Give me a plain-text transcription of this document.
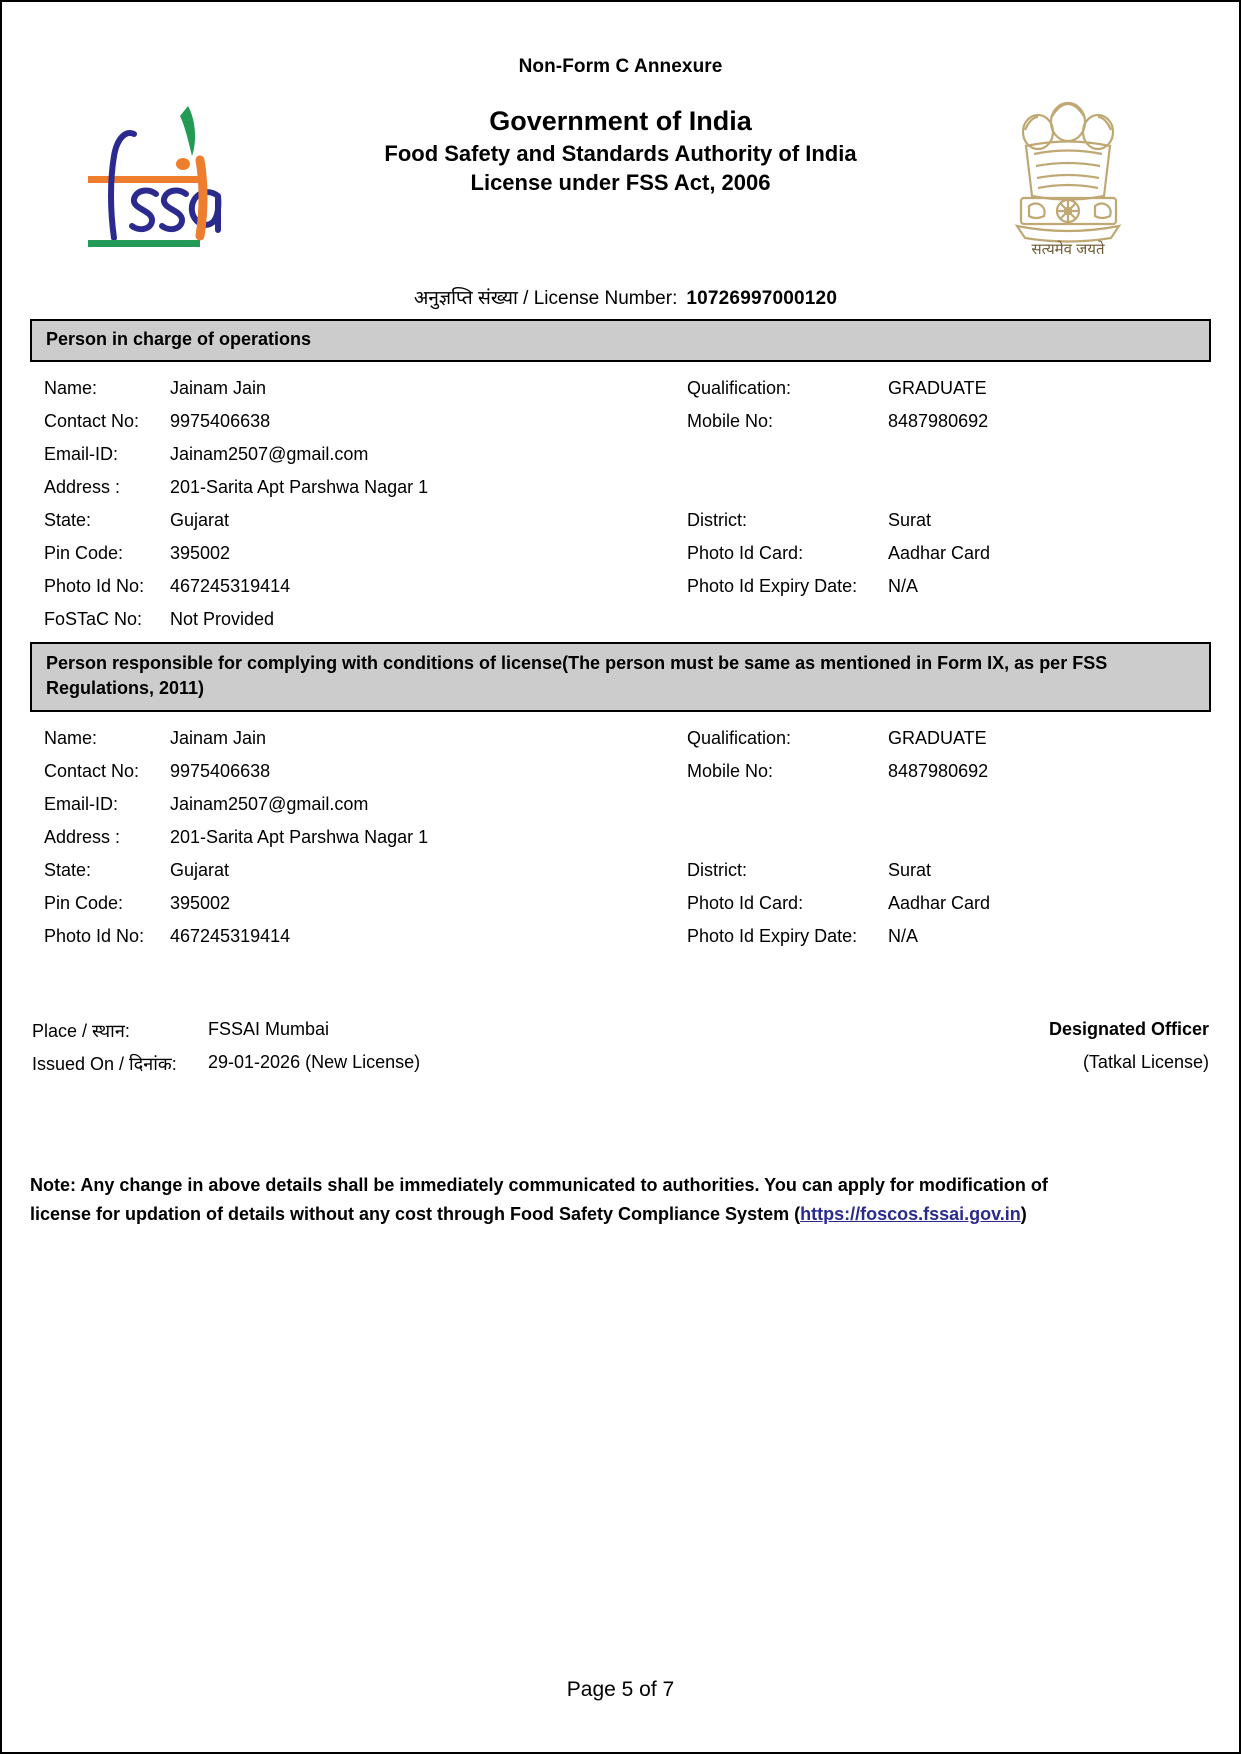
Non-Form C Annexure
Government of India
Food Safety and Standards Authority of India
License under FSS Act, 2006
सत्यमेव जयते
अनुज्ञप्ति संख्या / License Number: 10726997000120
Person in charge of operations
Name:	Jainam Jain	Qualification:	GRADUATE
Contact No: 9975406638	Mobile No:	8487980692
Email-ID:	Jainam2507@gmail.com
Address :	201-Sarita Apt Parshwa Nagar 1
State:	Gujarat	District:	Surat
Pin Code:	395002	Photo Id Card:	Aadhar Card
Photo Id No: 467245319414	Photo Id Expiry Date: N/A
FoSTaC No: Not Provided
Person responsible for complying with conditions of license(The person must be same as mentioned in Form IX, as per FSS Regulations, 2011)
Name:	Jainam Jain	Qualification:	GRADUATE
Contact No: 9975406638	Mobile No:	8487980692
Email-ID:	Jainam2507@gmail.com
Address :	201-Sarita Apt Parshwa Nagar 1
State:	Gujarat	District:	Surat
Pin Code:	395002	Photo Id Card:	Aadhar Card
Photo Id No: 467245319414	Photo Id Expiry Date: N/A
Place / स्थान:	FSSAI Mumbai	Designated Officer
Issued On / दिनांक: 29-01-2026 (New License)	(Tatkal License)
Note: Any change in above details shall be immediately communicated to authorities. You can apply for modification of license for updation of details without any cost through Food Safety Compliance System (https://foscos.fssai.gov.in)
Page 5 of 7
